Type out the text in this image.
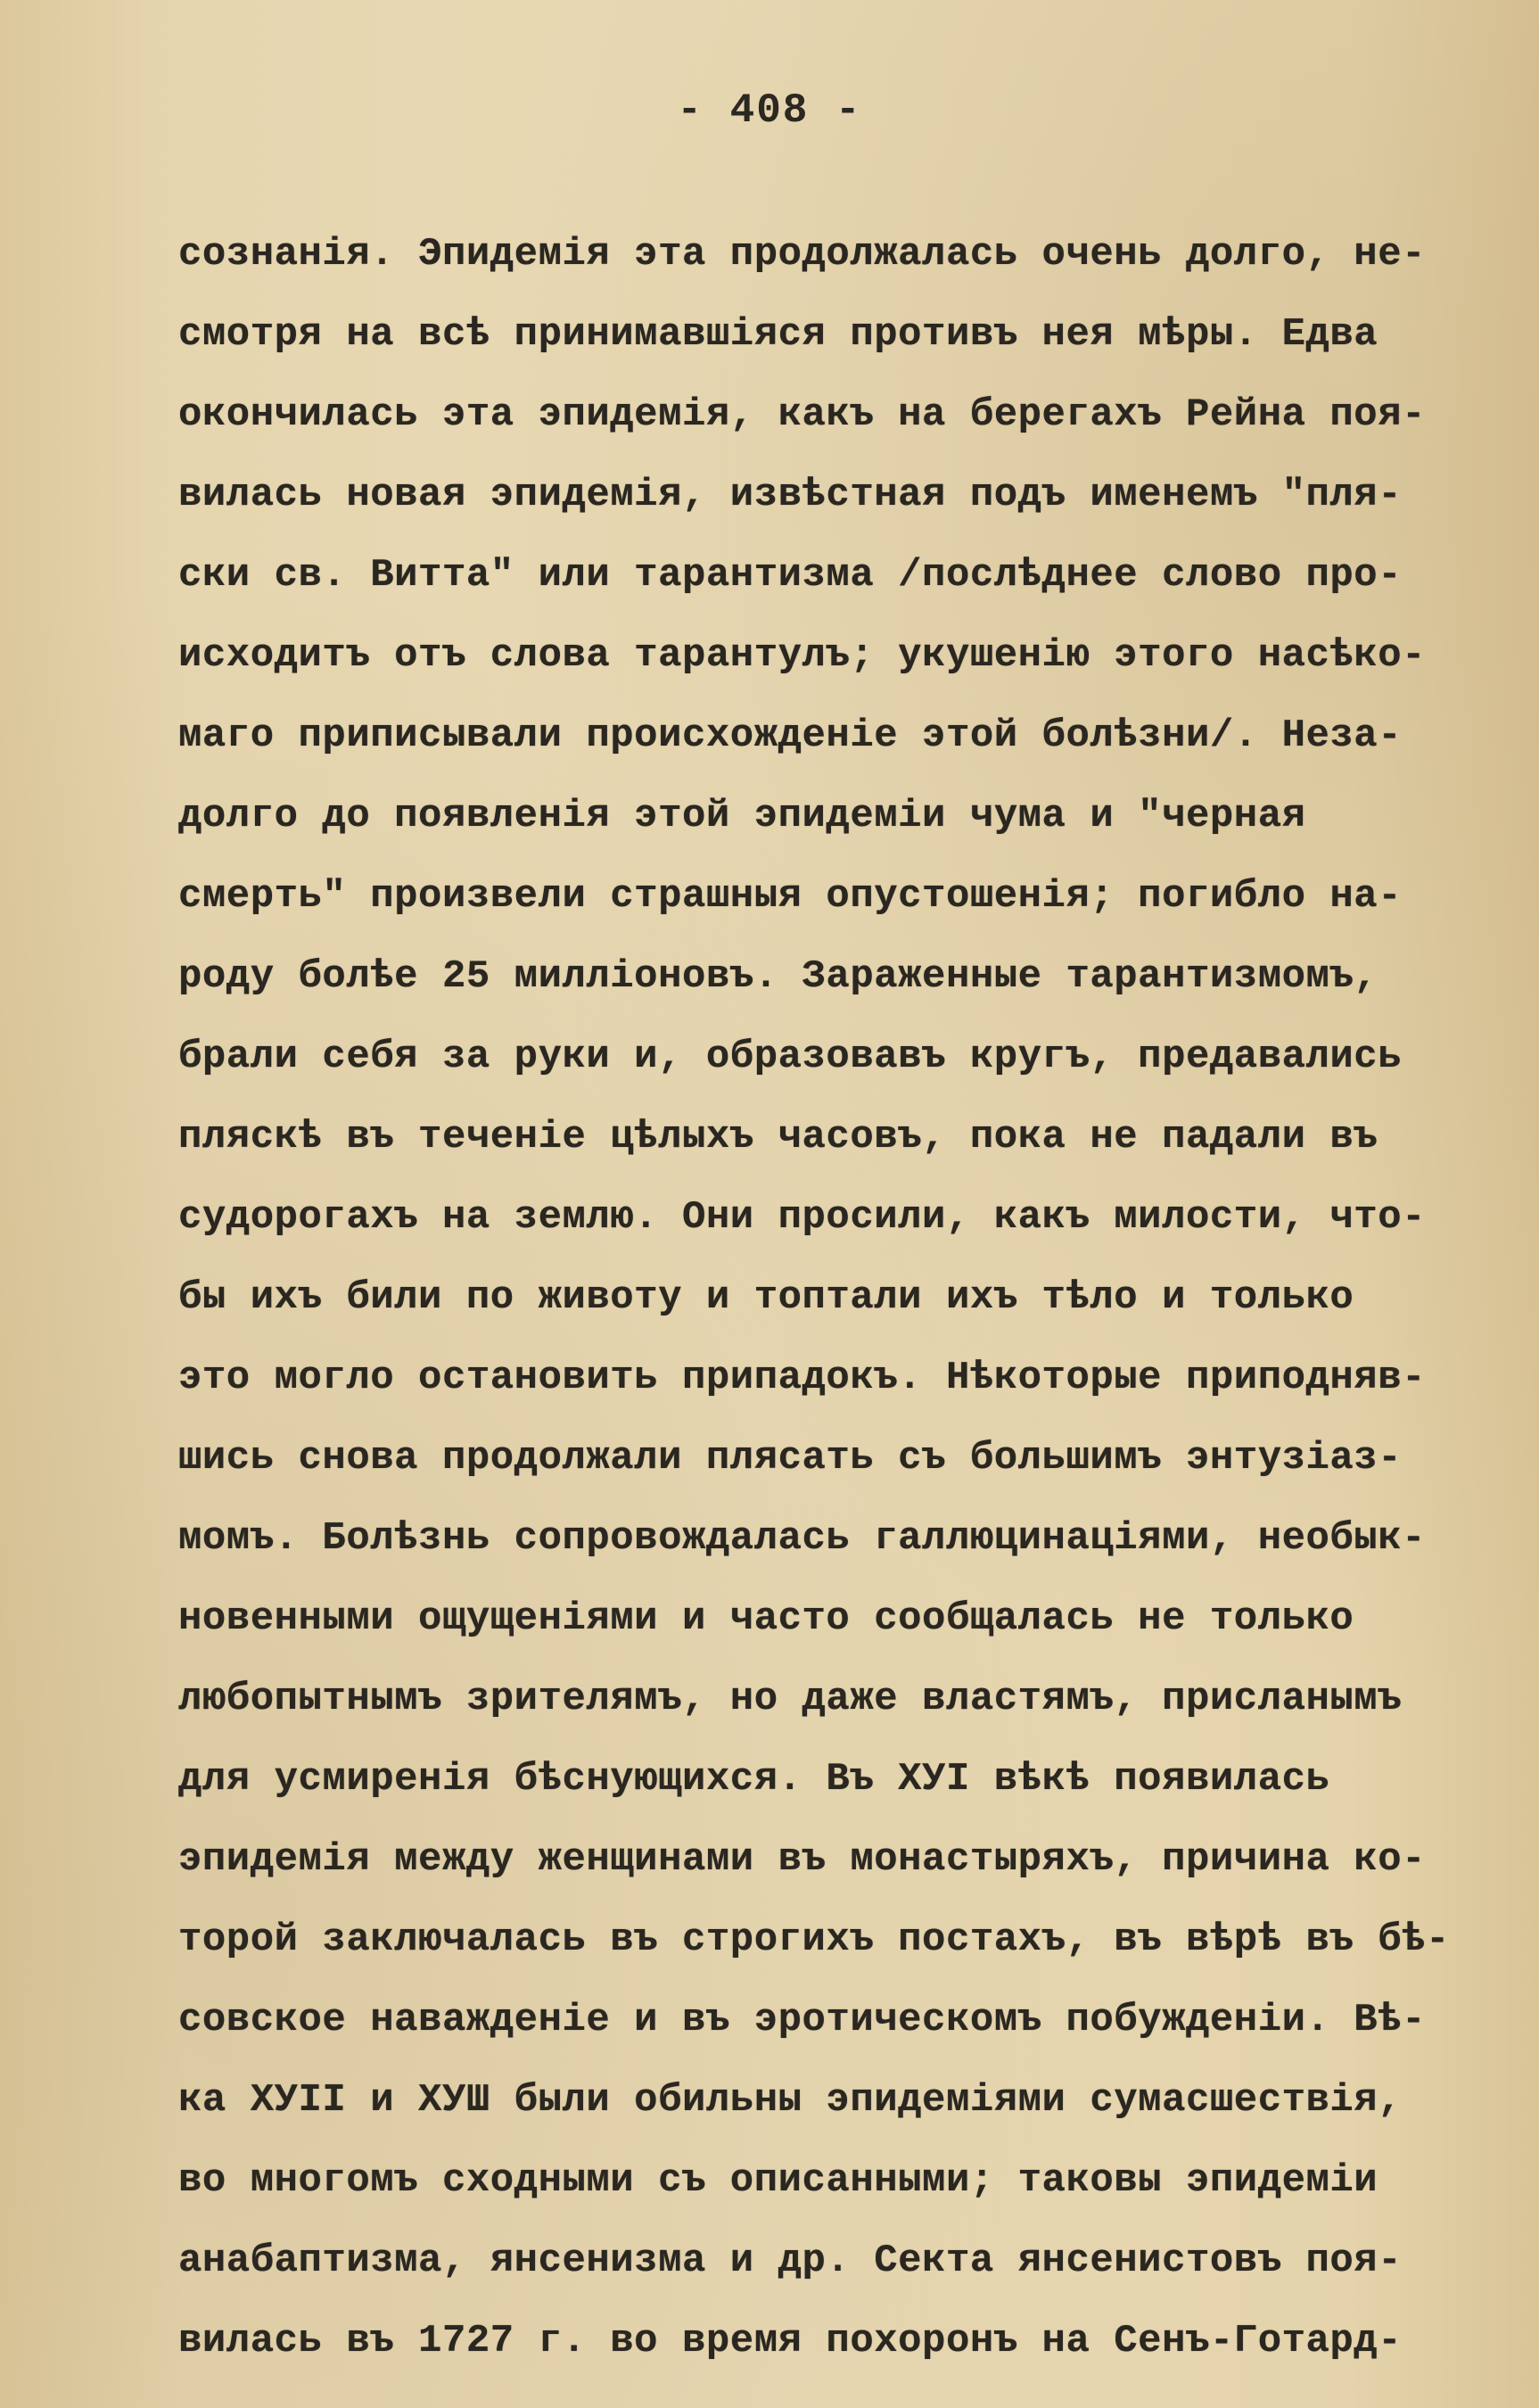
- 408 -
сознанія. Эпидемія эта продолжалась очень долго, не-
смотря на всѣ принимавшіяся противъ нея мѣры. Едва
окончилась эта эпидемія, какъ на берегахъ Рейна поя-
вилась новая эпидемія, извѣстная подъ именемъ "пля-
ски св. Витта" или тарантизма /послѣднее слово про-
исходитъ отъ слова тарантулъ; укушенію этого насѣко-
маго приписывали происхожденіе этой болѣзни/. Нeза-
долго до появленія этой эпидеміи чума и "черная
смерть" произвели страшныя опустошенія; погибло на-
роду болѣе 25 милліоновъ. Зараженные тарантизмомъ,
брали себя за руки и, образовавъ кругъ, предавались
пляскѣ въ теченіе цѣлыхъ часовъ, пока не падали въ
судорогахъ на землю. Они просили, какъ милости, что-
бы ихъ били по животу и топтали ихъ тѣло и только
это могло остановить припадокъ. Нѣкоторые приподняв-
шись снова продолжали плясать съ большимъ энтузіаз-
момъ. Болѣзнь сопровождалась галлюцинаціями, необык-
новенными ощущеніями и часто сообщалась не только
любопытнымъ зрителямъ, но даже властямъ, присланымъ
для усмиренія бѣснующихся. Въ XУI вѣкѣ появилась
эпидемія между женщинами въ монастыряхъ, причина ко-
торой заключалась въ строгихъ постахъ, въ вѣрѣ въ бѣ-
совское наважденіе и въ эротическомъ побужденіи. Вѣ-
ка XУII и XУШ были обильны эпидеміями сумасшествія,
во многомъ сходными съ описанными; таковы эпидеміи
анабаптизма, янсенизма и др. Секта янсенистовъ поя-
вилась въ 1727 г. во время похоронъ на Сенъ-Готард-
